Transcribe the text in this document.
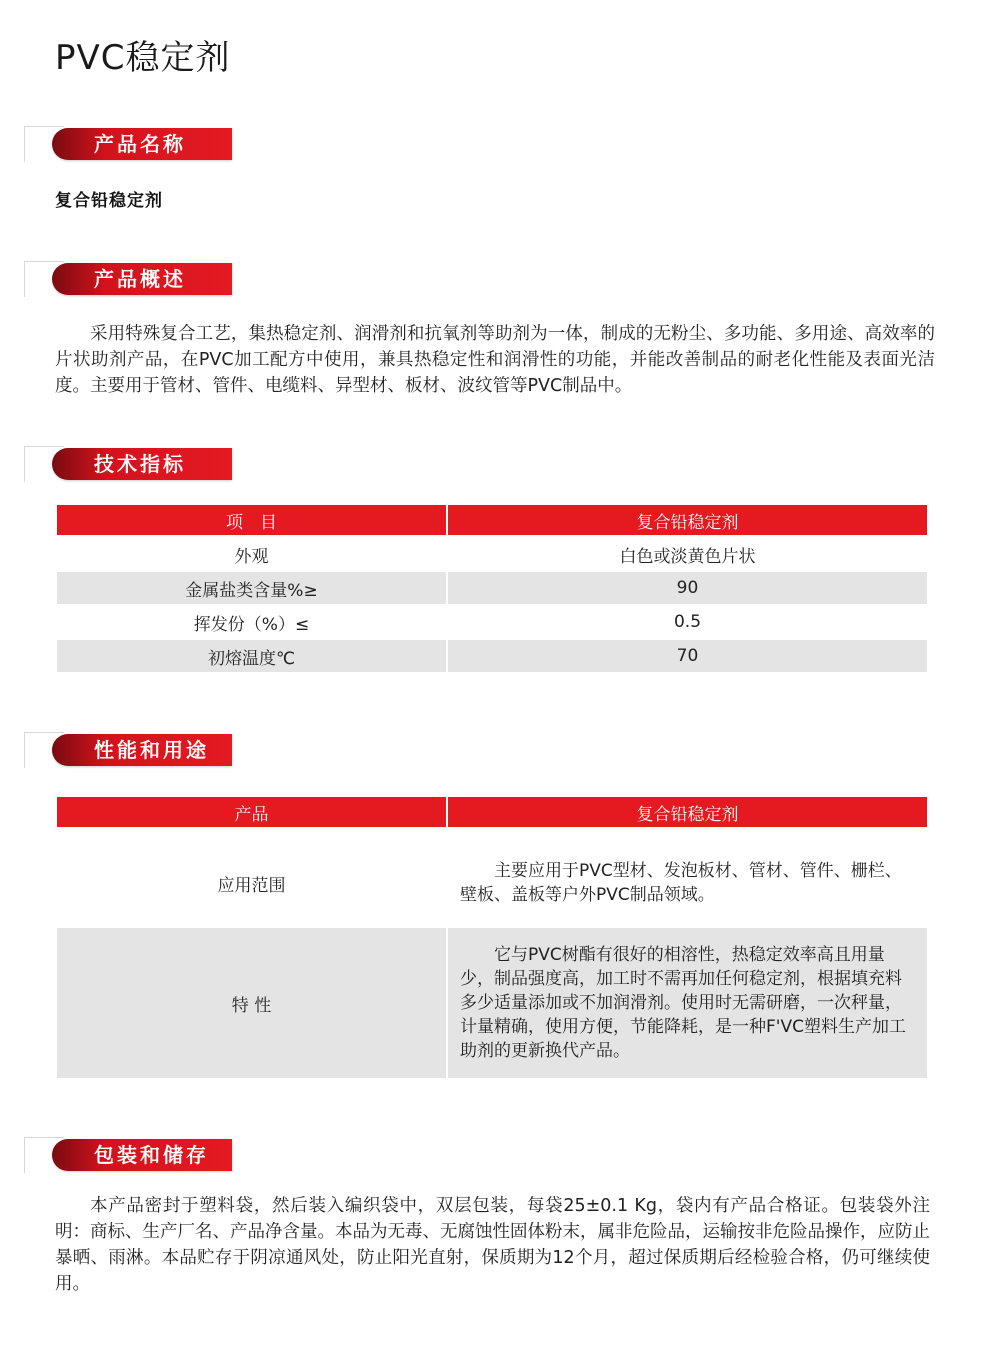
PVC稳定剂
产品名称
复合铅稳定剂
产品概述
采用特殊复合工艺，集热稳定剂、润滑剂和抗氧剂等助剂为一体，制成的无粉尘、多功能、多用途、高效率的片状助剂产品，在PVC加工配方中使用，兼具热稳定性和润滑性的功能，并能改善制品的耐老化性能及表面光洁度。主要用于管材、管件、电缆料、异型材、板材、波纹管等PVC制品中。
技术指标
项　目	复合铅稳定剂
外观	白色或淡黄色片状
金属盐类含量%≥	90
挥发份（%）≤	0.5
初熔温度℃	70
性能和用途
产品	复合铅稳定剂
应用范围	主要应用于PVC型材、发泡板材、管材、管件、栅栏、壁板、盖板等户外PVC制品领域。
特 性	它与PVC树酯有很好的相溶性，热稳定效率高且用量少，制品强度高，加工时不需再加任何稳定剂，根据填充料多少适量添加或不加润滑剂。使用时无需研磨，一次秤量，计量精确，使用方便，节能降耗，是一种F'VC塑料生产加工助剂的更新换代产品。
包装和储存
本产品密封于塑料袋，然后装入编织袋中，双层包装，每袋25±0.1 Kg，袋内有产品合格证。包装袋外注明：商标、生产厂名、产品净含量。本品为无毒、无腐蚀性固体粉末，属非危险品，运输按非危险品操作，应防止暴晒、雨淋。本品贮存于阴凉通风处，防止阳光直射，保质期为12个月，超过保质期后经检验合格，仍可继续使用。
